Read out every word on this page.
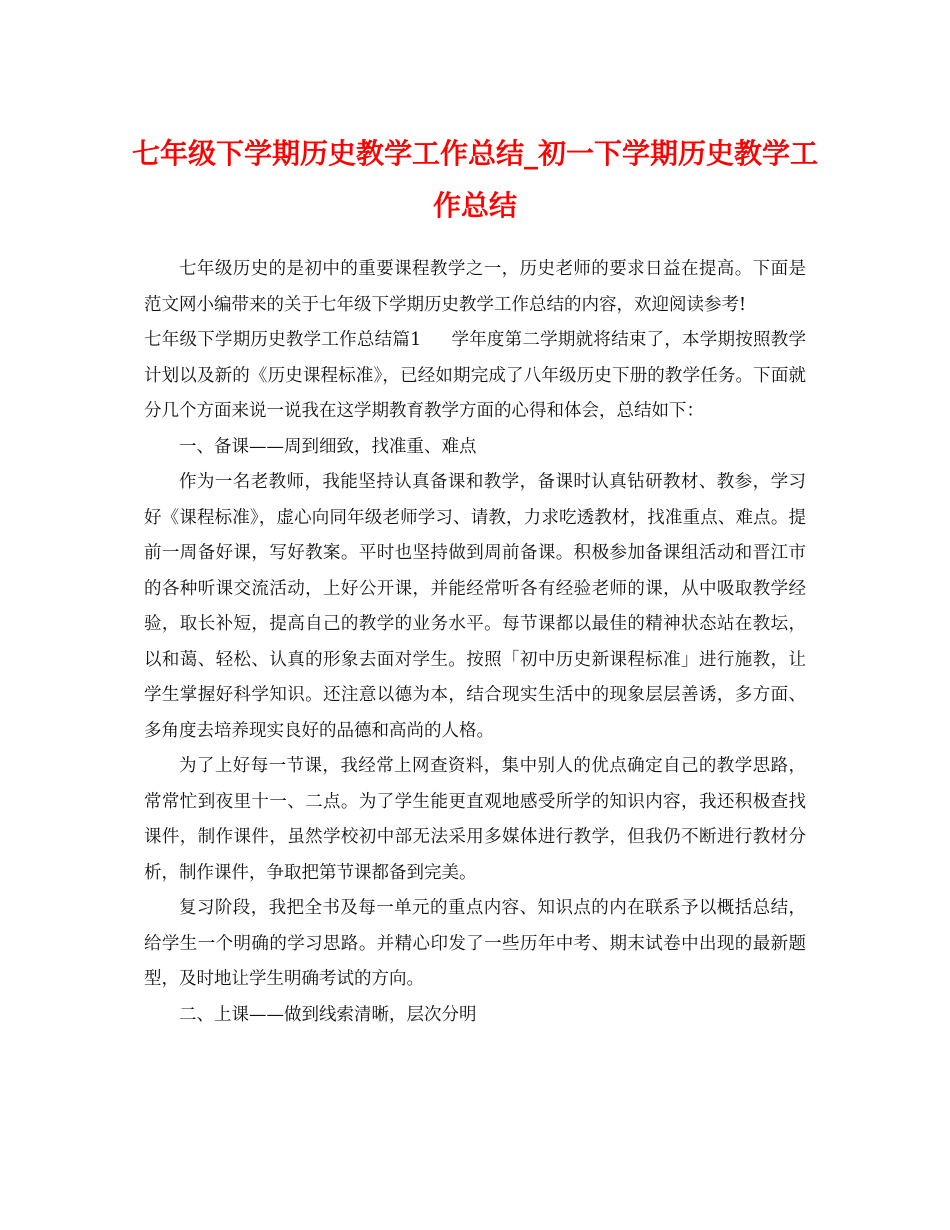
七年级下学期历史教学工作总结_初一下学期历史教学工作总结

七年级历史的是初中的重要课程教学之一，历史老师的要求日益在提高。下面是范文网小编带来的关于七年级下学期历史教学工作总结的内容，欢迎阅读参考!

七年级下学期历史教学工作总结篇1 学年度第二学期就将结束了，本学期按照教学计划以及新的《历史课程标准》，已经如期完成了八年级历史下册的教学任务。下面就分几个方面来说一说我在这学期教育教学方面的心得和体会，总结如下：

一、备课——周到细致，找准重、难点

作为一名老教师，我能坚持认真备课和教学，备课时认真钻研教材、教参，学习好《课程标准》，虚心向同年级老师学习、请教，力求吃透教材，找准重点、难点。提前一周备好课，写好教案。平时也坚持做到周前备课。积极参加备课组活动和晋江市的各种听课交流活动，上好公开课，并能经常听各有经验老师的课，从中吸取教学经验，取长补短，提高自己的教学的业务水平。每节课都以最佳的精神状态站在教坛，以和蔼、轻松、认真的形象去面对学生。按照「初中历史新课程标准」进行施教，让学生掌握好科学知识。还注意以德为本，结合现实生活中的现象层层善诱，多方面、多角度去培养现实良好的品德和高尚的人格。

为了上好每一节课，我经常上网查资料，集中别人的优点确定自己的教学思路，常常忙到夜里十一、二点。为了学生能更直观地感受所学的知识内容，我还积极查找课件，制作课件，虽然学校初中部无法采用多媒体进行教学，但我仍不断进行教材分析，制作课件，争取把第节课都备到完美。

复习阶段，我把全书及每一单元的重点内容、知识点的内在联系予以概括总结，给学生一个明确的学习思路。并精心印发了一些历年中考、期末试卷中出现的最新题型，及时地让学生明确考试的方向。

二、上课——做到线索清晰，层次分明
